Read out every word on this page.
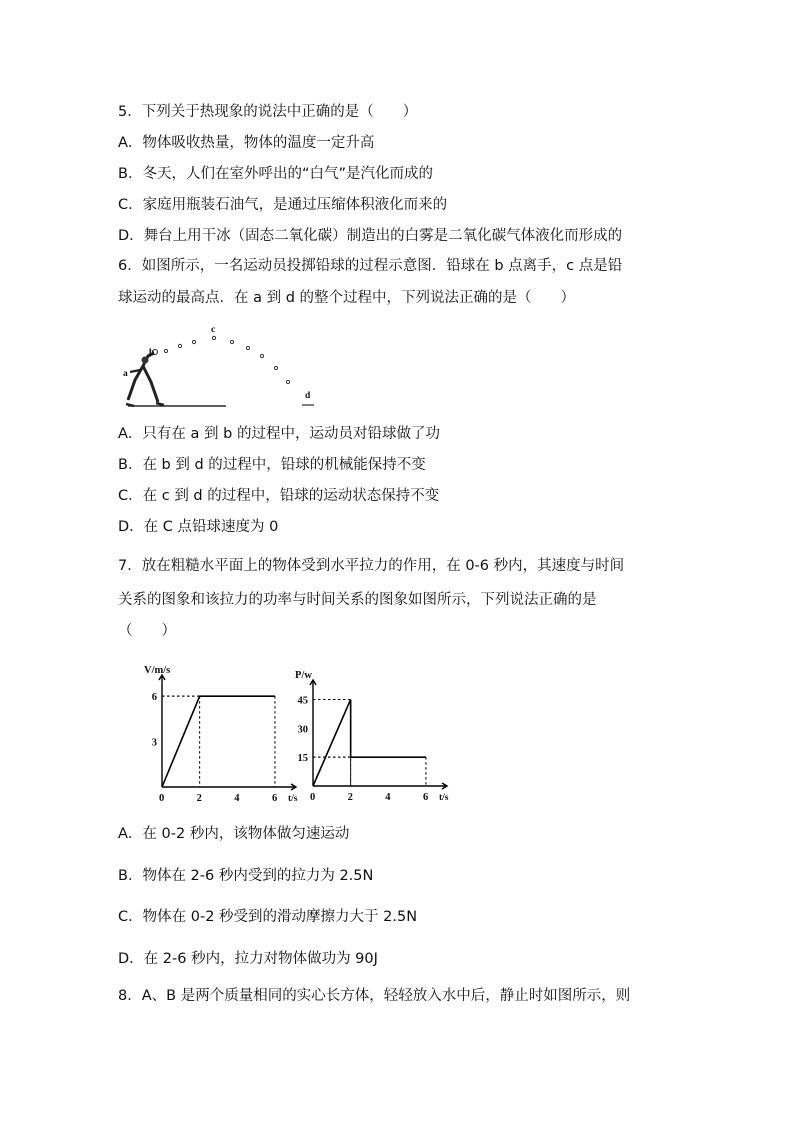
5．下列关于热现象的说法中正确的是（　　）
A．物体吸收热量，物体的温度一定升高
B．冬天，人们在室外呼出的“白气”是汽化而成的
C．家庭用瓶装石油气，是通过压缩体积液化而来的
D．舞台上用干冰（固态二氧化碳）制造出的白雾是二氧化碳气体液化而形成的
6．如图所示，一名运动员投掷铅球的过程示意图．铅球在 b 点离手，c 点是铅
球运动的最高点．在 a 到 d 的整个过程中，下列说法正确的是（　　）
a
b
c
d
A．只有在 a 到 b 的过程中，运动员对铅球做了功
B．在 b 到 d 的过程中，铅球的机械能保持不变
C．在 c 到 d 的过程中，铅球的运动状态保持不变
D．在 C 点铅球速度为 0
7．放在粗糙水平面上的物体受到水平拉力的作用，在 0-6 秒内，其速度与时间
关系的图象和该拉力的功率与时间关系的图象如图所示，下列说法正确的是
（　　）
V/m/s
t/s
0	2	4	6
3
6
P/w
t/s
0	2	4	6
15
30
45
A．在 0-2 秒内，该物体做匀速运动
B．物体在 2-6 秒内受到的拉力为 2.5N
C．物体在 0-2 秒受到的滑动摩擦力大于 2.5N
D．在 2-6 秒内，拉力对物体做功为 90J
8．A、B 是两个质量相同的实心长方体，轻轻放入水中后，静止时如图所示，则
